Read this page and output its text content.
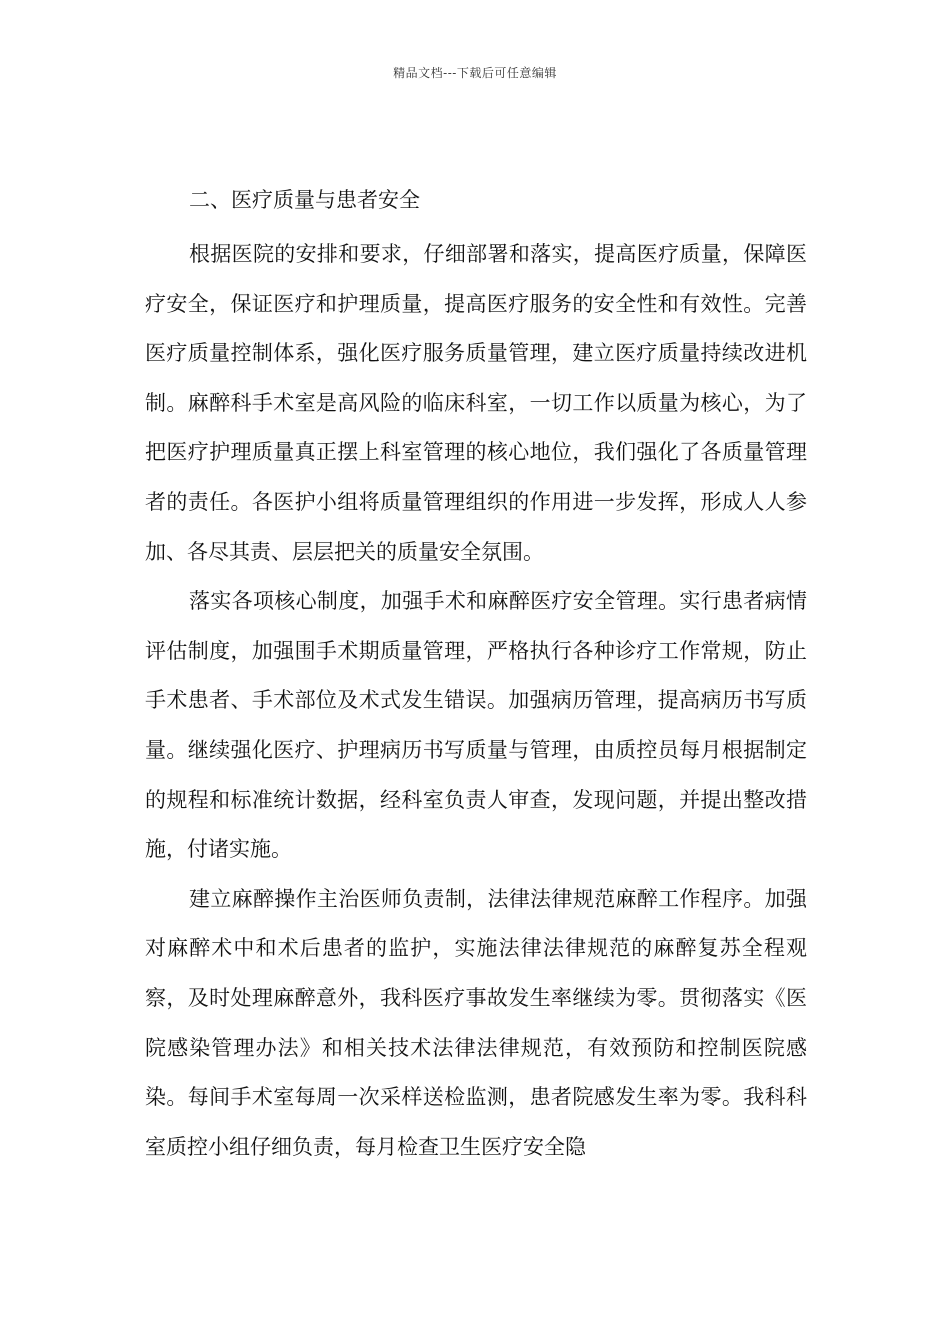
精品文档---下载后可任意编辑
二、医疗质量与患者安全

根据医院的安排和要求，仔细部署和落实，提高医疗质量，保障医疗安全，保证医疗和护理质量，提高医疗服务的安全性和有效性。完善医疗质量控制体系，强化医疗服务质量管理，建立医疗质量持续改进机制。麻醉科手术室是高风险的临床科室，一切工作以质量为核心，为了把医疗护理质量真正摆上科室管理的核心地位，我们强化了各质量管理者的责任。各医护小组将质量管理组织的作用进一步发挥，形成人人参加、各尽其责、层层把关的质量安全氛围。

落实各项核心制度，加强手术和麻醉医疗安全管理。实行患者病情评估制度，加强围手术期质量管理，严格执行各种诊疗工作常规，防止手术患者、手术部位及术式发生错误。加强病历管理，提高病历书写质量。继续强化医疗、护理病历书写质量与管理，由质控员每月根据制定的规程和标准统计数据，经科室负责人审查，发现问题，并提出整改措施，付诸实施。

建立麻醉操作主治医师负责制，法律法律规范麻醉工作程序。加强对麻醉术中和术后患者的监护，实施法律法律规范的麻醉复苏全程观察，及时处理麻醉意外，我科医疗事故发生率继续为零。贯彻落实《医院感染管理办法》和相关技术法律法律规范，有效预防和控制医院感染。每间手术室每周一次采样送检监测，患者院感发生率为零。我科科室质控小组仔细负责，每月检查卫生医疗安全隐
